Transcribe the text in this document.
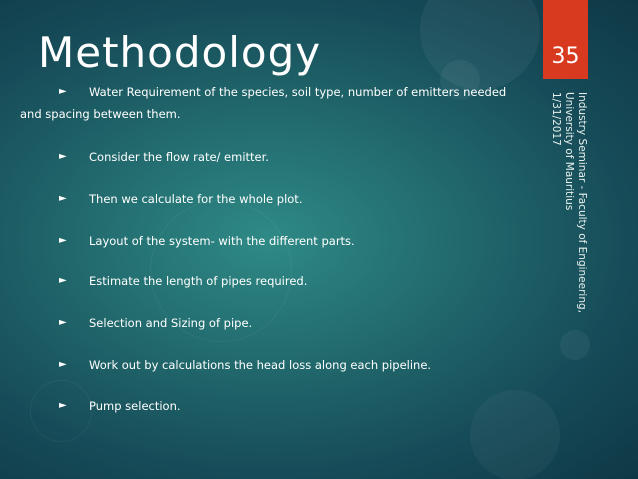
Methodology	35
Industry Seminar - Faculty of Engineering, University of Mauritius
1/31/2017
►	Water Requirement of the species, soil type, number of emitters needed
and spacing between them.
►	Consider the flow rate/ emitter.
►	Then we calculate for the whole plot.
►	Layout of the system- with the different parts.
►	Estimate the length of pipes required.
►	Selection and Sizing of pipe.
►	Work out by calculations the head loss along each pipeline.
►	Pump selection.
